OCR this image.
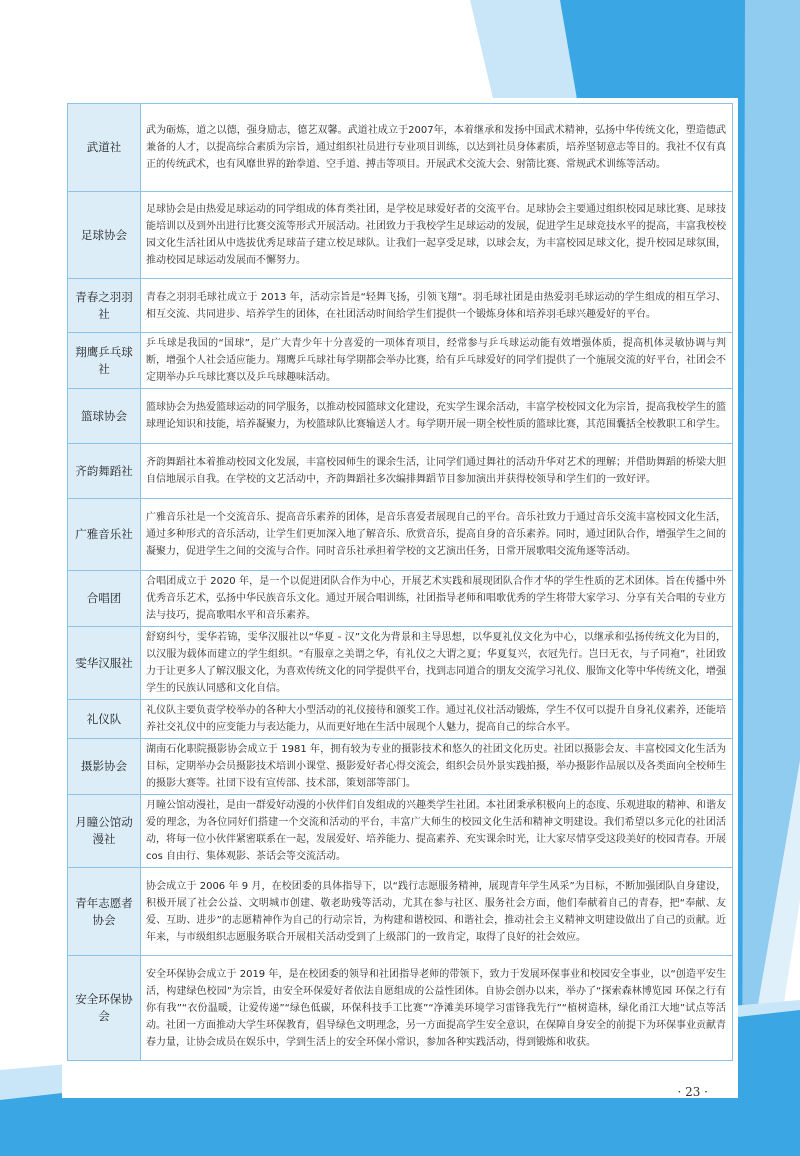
武道社	武为砺炼，道之以德，强身励志，德艺双馨。武道社成立于2007年，本着继承和发扬中国武术精神，弘扬中华传统文化，塑造德武兼备的人才，以提高综合素质为宗旨，通过组织社员进行专业项目训练，以达到社员身体素质，培养坚韧意志等目的。我社不仅有真正的传统武术，也有风靡世界的跆拳道、空手道、搏击等项目。开展武术交流大会、射箭比赛、常规武术训练等活动。
足球协会	足球协会是由热爱足球运动的同学组成的体育类社团，是学校足球爱好者的交流平台。足球协会主要通过组织校园足球比赛、足球技能培训以及到外出进行比赛交流等形式开展活动。社团致力于我校学生足球运动的发展，促进学生足球竞技水平的提高，丰富我校校园文化生活社团从中选拔优秀足球苗子建立校足球队。让我们一起享受足球，以球会友，为丰富校园足球文化，提升校园足球氛围，推动校园足球运动发展而不懈努力。
青春之羽羽社	青春之羽羽毛球社成立于 2013 年，活动宗旨是“轻舞飞扬，引领飞翔”。羽毛球社团是由热爱羽毛球运动的学生组成的相互学习、相互交流、共同进步、培养学生的团体，在社团活动时间给学生们提供一个锻炼身体和培养羽毛球兴趣爱好的平台。
翔鹰乒乓球社	乒乓球是我国的“国球”，是广大青少年十分喜爱的一项体育项目，经常参与乒乓球运动能有效增强体质，提高机体灵敏协调与判断，增强个人社会适应能力。翔鹰乒乓球社每学期都会举办比赛，给有乒乓球爱好的同学们提供了一个施展交流的好平台，社团会不定期举办乒乓球比赛以及乒乓球趣味活动。
篮球协会	篮球协会为热爱篮球运动的同学服务，以推动校园篮球文化建设，充实学生课余活动，丰富学校校园文化为宗旨，提高我校学生的篮球理论知识和技能，培养凝聚力，为校篮球队比赛输送人才。每学期开展一期全校性质的篮球比赛，其范围囊括全校教职工和学生。
齐韵舞蹈社	齐韵舞蹈社本着推动校园文化发展，丰富校园师生的课余生活，让同学们通过舞社的活动升华对艺术的理解；并借助舞蹈的桥梁大胆自信地展示自我。在学校的文艺活动中，齐韵舞蹈社多次编排舞蹈节目参加演出并获得校领导和学生们的一致好评。
广雅音乐社	广雅音乐社是一个交流音乐、提高音乐素养的团体，是音乐喜爱者展现自己的平台。音乐社致力于通过音乐交流丰富校园文化生活，通过多种形式的音乐活动，让学生们更加深入地了解音乐、欣赏音乐，提高自身的音乐素养。同时，通过团队合作，增强学生之间的凝聚力，促进学生之间的交流与合作。同时音乐社承担着学校的文艺演出任务，日常开展歌唱交流角逐等活动。
合唱团	合唱团成立于 2020 年，是一个以促进团队合作为中心，开展艺术实践和展现团队合作才华的学生性质的艺术团体。旨在传播中外优秀音乐艺术，弘扬中华民族音乐文化。通过开展合唱训练，社团指导老师和唱歌优秀的学生将带大家学习、分享有关合唱的专业方法与技巧，提高歌唱水平和音乐素养。
雯华汉服社	舒窈纠兮，雯华若锦，雯华汉服社以“华夏 - 汉”文化为背景和主导思想，以华夏礼仪文化为中心，以继承和弘扬传统文化为目的，以汉服为载体而建立的学生组织。“有服章之美谓之华，有礼仪之大谓之夏；华夏复兴，衣冠先行。岂曰无衣，与子同袍”，社团致力于让更多人了解汉服文化，为喜欢传统文化的同学提供平台，找到志同道合的朋友交流学习礼仪、服饰文化等中华传统文化，增强学生的民族认同感和文化自信。
礼仪队	礼仪队主要负责学校举办的各种大小型活动的礼仪接待和颁奖工作。通过礼仪社活动锻炼，学生不仅可以提升自身礼仪素养，还能培养社交礼仪中的应变能力与表达能力，从而更好地在生活中展现个人魅力，提高自己的综合水平。
摄影协会	湖南石化职院摄影协会成立于 1981 年，拥有较为专业的摄影技术和悠久的社团文化历史。社团以摄影会友、丰富校园文化生活为目标，定期举办会员摄影技术培训小课堂、摄影爱好者心得交流会，组织会员外景实践拍摄，举办摄影作品展以及各类面向全校师生的摄影大赛等。社団下设有宣传部、技术部，策划部等部门。
月瞳公馆动漫社	月瞳公馆动漫社，是由一群爱好动漫的小伙伴们自发组成的兴趣类学生社团。本社团秉承积极向上的态度、乐观进取的精神、和谐友爱的理念，为各位同好们搭建一个交流和活动的平台，丰富广大师生的校园文化生活和精神文明建设。我们希望以多元化的社团活动，将每一位小伙伴紧密联系在一起，发展爱好、培养能力、提高素养、充实课余时光，让大家尽情享受这段美好的校园青春。开展 cos 自由行、集体观影、茶话会等交流活动。
青年志愿者协会	协会成立于 2006 年 9 月，在校团委的具体指导下，以“践行志愿服务精神，展现青年学生风采”为目标，不断加强团队自身建设，积极开展了社会公益、文明城市创建、敬老助残等活动，尤其在参与社区、服务社会方面，他们奉献着自己的青春，把“奉献、友爱、互助、进步”的志愿精神作为自己的行动宗旨，为构建和谐校园、和谐社会，推动社会主义精神文明建设做出了自己的贡献。近年来，与市级组织志愿服务联合开展相关活动受到了上级部门的一致肯定，取得了良好的社会效应。
安全环保协会	安全环保协会成立于 2019 年，是在校团委的领导和社团指导老师的带领下，致力于发展环保事业和校园安全事业，以“创造平安生活，构建绿色校园”为宗旨，由安全环保爱好者依法自愿组成的公益性团体。自协会创办以来，举办了“探索森林博览园 环保之行有你有我”“衣份温暖，让爱传递”“绿色低碳，环保科技手工比赛”“净滩美环境学习雷锋我先行”“植树造林，绿化甬江大地”试点等活动。社团一方面推动大学生环保教育，倡导绿色文明理念，另一方面提高学生安全意识，在保障自身安全的前提下为环保事业贡献青春力量，让协会成员在娱乐中，学到生活上的安全环保小常识，参加各种实践活动，得到锻炼和收获。
· 23 ·
